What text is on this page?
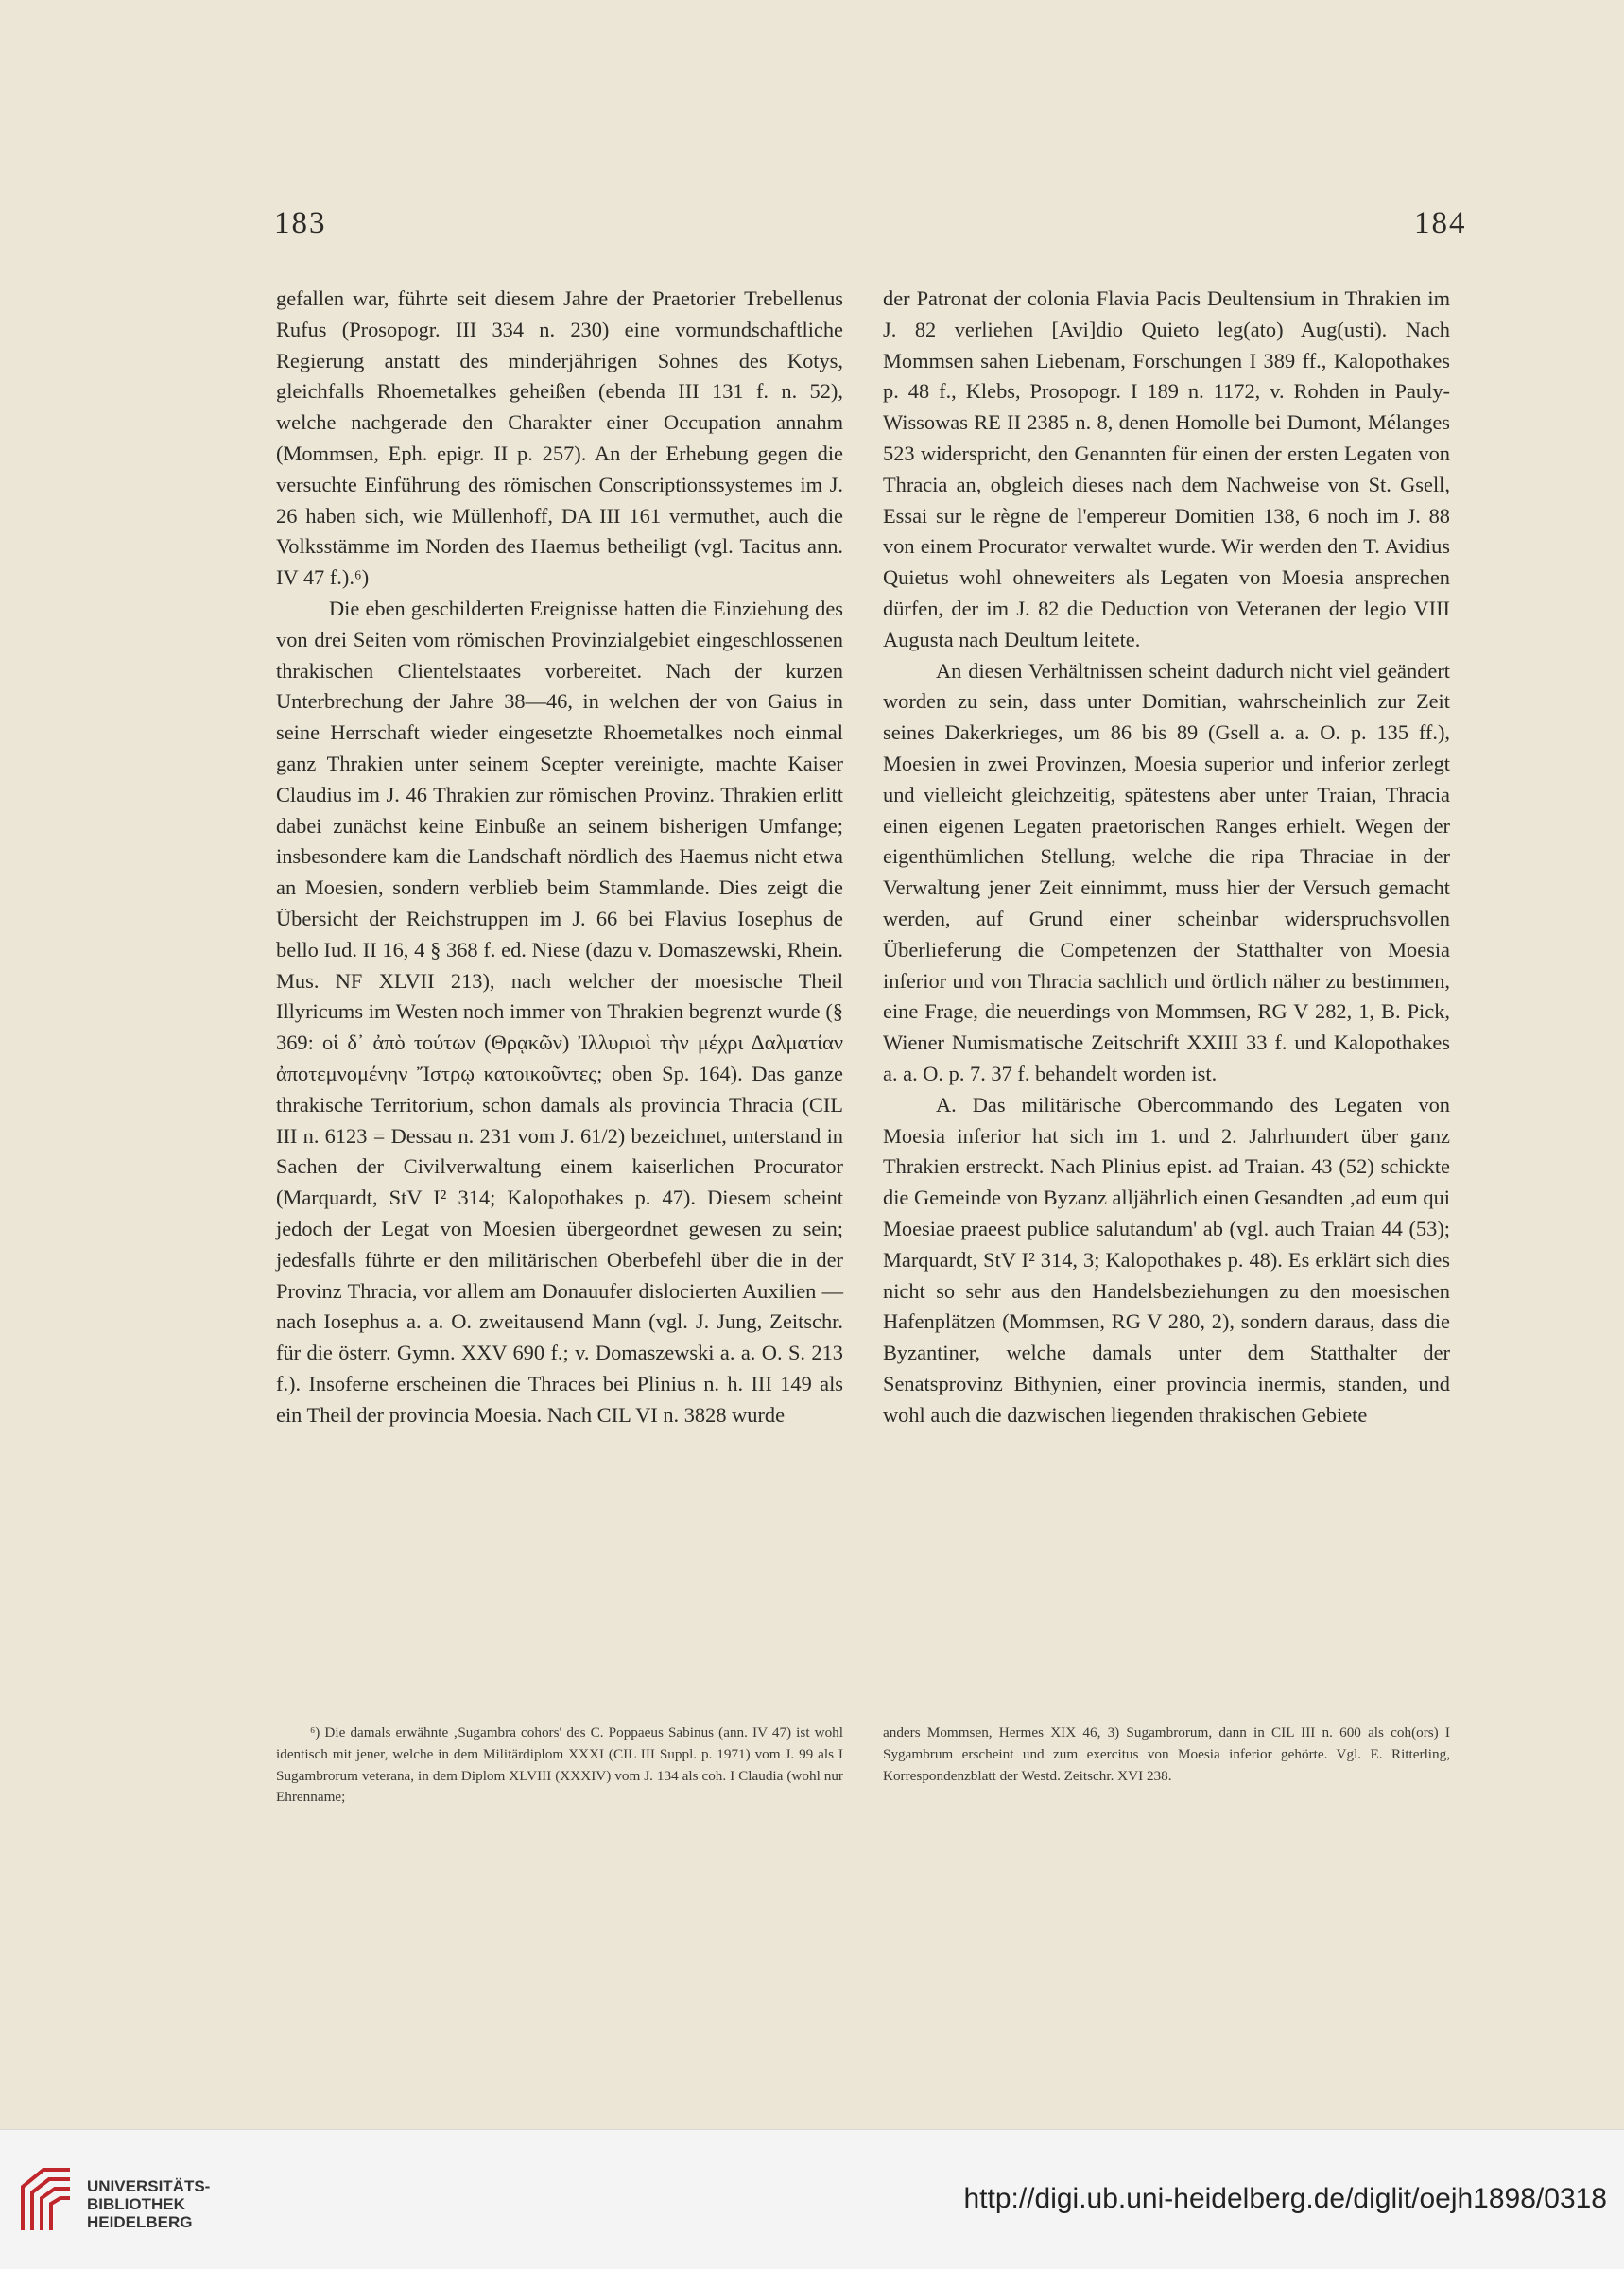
183	184

gefallen war, führte seit diesem Jahre der Praetorier Trebellenus Rufus (Prosopogr. III 334 n. 230) eine vormundschaftliche Regierung anstatt des minderjährigen Sohnes des Kotys, gleichfalls Rhoemetalkes geheißen (ebenda III 131 f. n. 52), welche nachgerade den Charakter einer Occupation annahm (Mommsen, Eph. epigr. II p. 257). An der Erhebung gegen die versuchte Einführung des römischen Conscriptionssystemes im J. 26 haben sich, wie Müllenhoff, DA III 161 vermuthet, auch die Volksstämme im Norden des Haemus betheiligt (vgl. Tacitus ann. IV 47 f.).⁶)

Die eben geschilderten Ereignisse hatten die Einziehung des von drei Seiten vom römischen Provinzialgebiet eingeschlossenen thrakischen Clientelstaates vorbereitet. Nach der kurzen Unterbrechung der Jahre 38—46, in welchen der von Gaius in seine Herrschaft wieder eingesetzte Rhoemetalkes noch einmal ganz Thrakien unter seinem Scepter vereinigte, machte Kaiser Claudius im J. 46 Thrakien zur römischen Provinz. Thrakien erlitt dabei zunächst keine Einbuße an seinem bisherigen Umfange; insbesondere kam die Landschaft nördlich des Haemus nicht etwa an Moesien, sondern verblieb beim Stammlande. Dies zeigt die Übersicht der Reichstruppen im J. 66 bei Flavius Iosephus de bello Iud. II 16, 4 § 368 f. ed. Niese (dazu v. Domaszewski, Rhein. Mus. NF XLVII 213), nach welcher der moesische Theil Illyricums im Westen noch immer von Thrakien begrenzt wurde (§ 369: οἱ δ᾿ ἀπὸ τούτων (Θρᾳκῶν) Ἰλλυριοὶ τὴν μέχρι Δαλματίαν ἀποτεμνομένην Ἴστρῳ κατοικοῦντες; oben Sp. 164). Das ganze thrakische Territorium, schon damals als provincia Thracia (CIL III n. 6123 = Dessau n. 231 vom J. 61/2) bezeichnet, unterstand in Sachen der Civilverwaltung einem kaiserlichen Procurator (Marquardt, StV I² 314; Kalopothakes p. 47). Diesem scheint jedoch der Legat von Moesien übergeordnet gewesen zu sein; jedesfalls führte er den militärischen Oberbefehl über die in der Provinz Thracia, vor allem am Donauufer dislocierten Auxilien — nach Iosephus a. a. O. zweitausend Mann (vgl. J. Jung, Zeitschr. für die österr. Gymn. XXV 690 f.; v. Domaszewski a. a. O. S. 213 f.). Insoferne erscheinen die Thraces bei Plinius n. h. III 149 als ein Theil der provincia Moesia. Nach CIL VI n. 3828 wurde

der Patronat der colonia Flavia Pacis Deultensium in Thrakien im J. 82 verliehen [Avi]dio Quieto leg(ato) Aug(usti). Nach Mommsen sahen Liebenam, Forschungen I 389 ff., Kalopothakes p. 48 f., Klebs, Prosopogr. I 189 n. 1172, v. Rohden in Pauly-Wissowas RE II 2385 n. 8, denen Homolle bei Dumont, Mélanges 523 widerspricht, den Genannten für einen der ersten Legaten von Thracia an, obgleich dieses nach dem Nachweise von St. Gsell, Essai sur le règne de l'empereur Domitien 138, 6 noch im J. 88 von einem Procurator verwaltet wurde. Wir werden den T. Avidius Quietus wohl ohneweiters als Legaten von Moesia ansprechen dürfen, der im J. 82 die Deduction von Veteranen der legio VIII Augusta nach Deultum leitete.

An diesen Verhältnissen scheint dadurch nicht viel geändert worden zu sein, dass unter Domitian, wahrscheinlich zur Zeit seines Dakerkrieges, um 86 bis 89 (Gsell a. a. O. p. 135 ff.), Moesien in zwei Provinzen, Moesia superior und inferior zerlegt und vielleicht gleichzeitig, spätestens aber unter Traian, Thracia einen eigenen Legaten praetorischen Ranges erhielt. Wegen der eigenthümlichen Stellung, welche die ripa Thraciae in der Verwaltung jener Zeit einnimmt, muss hier der Versuch gemacht werden, auf Grund einer scheinbar widerspruchsvollen Überlieferung die Competenzen der Statthalter von Moesia inferior und von Thracia sachlich und örtlich näher zu bestimmen, eine Frage, die neuerdings von Mommsen, RG V 282, 1, B. Pick, Wiener Numismatische Zeitschrift XXIII 33 f. und Kalopothakes a. a. O. p. 7. 37 f. behandelt worden ist.

A. Das militärische Obercommando des Legaten von Moesia inferior hat sich im 1. und 2. Jahrhundert über ganz Thrakien erstreckt. Nach Plinius epist. ad Traian. 43 (52) schickte die Gemeinde von Byzanz alljährlich einen Gesandten ‚ad eum qui Moesiae praeest publice salutandum' ab (vgl. auch Traian 44 (53); Marquardt, StV I² 314, 3; Kalopothakes p. 48). Es erklärt sich dies nicht so sehr aus den Handelsbeziehungen zu den moesischen Hafenplätzen (Mommsen, RG V 280, 2), sondern daraus, dass die Byzantiner, welche damals unter dem Statthalter der Senatsprovinz Bithynien, einer provincia inermis, standen, und wohl auch die dazwischen liegenden thrakischen Gebiete

⁶) Die damals erwähnte ‚Sugambra cohors' des C. Poppaeus Sabinus (ann. IV 47) ist wohl identisch mit jener, welche in dem Militärdiplom XXXI (CIL III Suppl. p. 1971) vom J. 99 als I Sugambrorum veterana, in dem Diplom XLVIII (XXXIV) vom J. 134 als coh. I Claudia (wohl nur Ehrenname;

anders Mommsen, Hermes XIX 46, 3) Sugambrorum, dann in CIL III n. 600 als coh(ors) I Sygambrum erscheint und zum exercitus von Moesia inferior gehörte. Vgl. E. Ritterling, Korrespondenzblatt der Westd. Zeitschr. XVI 238.

UNIVERSITÄTS-
BIBLIOTHEK
HEIDELBERG
http://digi.ub.uni-heidelberg.de/diglit/oejh1898/0318
